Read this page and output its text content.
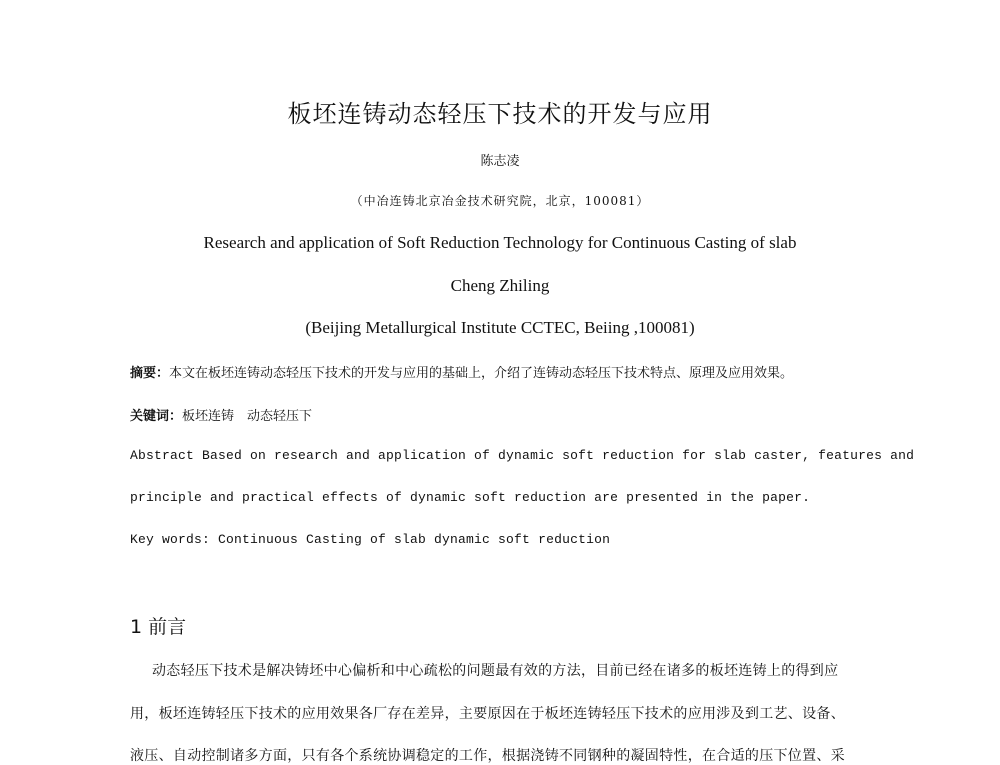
板坯连铸动态轻压下技术的开发与应用
陈志凌
（中冶连铸北京冶金技术研究院，北京，100081）
Research and application of Soft Reduction Technology for Continuous Casting of slab
Cheng Zhiling
(Beijing Metallurgical Institute CCTEC, Beiing ,100081)
摘要：本文在板坯连铸动态轻压下技术的开发与应用的基础上，介绍了连铸动态轻压下技术特点、原理及应用效果。
关键词：板坯连铸　动态轻压下
Abstract Based on research and application of dynamic soft reduction for slab caster, features and
principle and practical effects of dynamic soft reduction are presented in the paper.
Key words: Continuous Casting of slab dynamic soft reduction
1 前言
动态轻压下技术是解决铸坯中心偏析和中心疏松的问题最有效的方法，目前已经在诸多的板坯连铸上的得到应
用，板坯连铸轻压下技术的应用效果各厂存在差异，主要原因在于板坯连铸轻压下技术的应用涉及到工艺、设备、
液压、自动控制诸多方面，只有各个系统协调稳定的工作，根据浇铸不同钢种的凝固特性，在合适的压下位置、采
